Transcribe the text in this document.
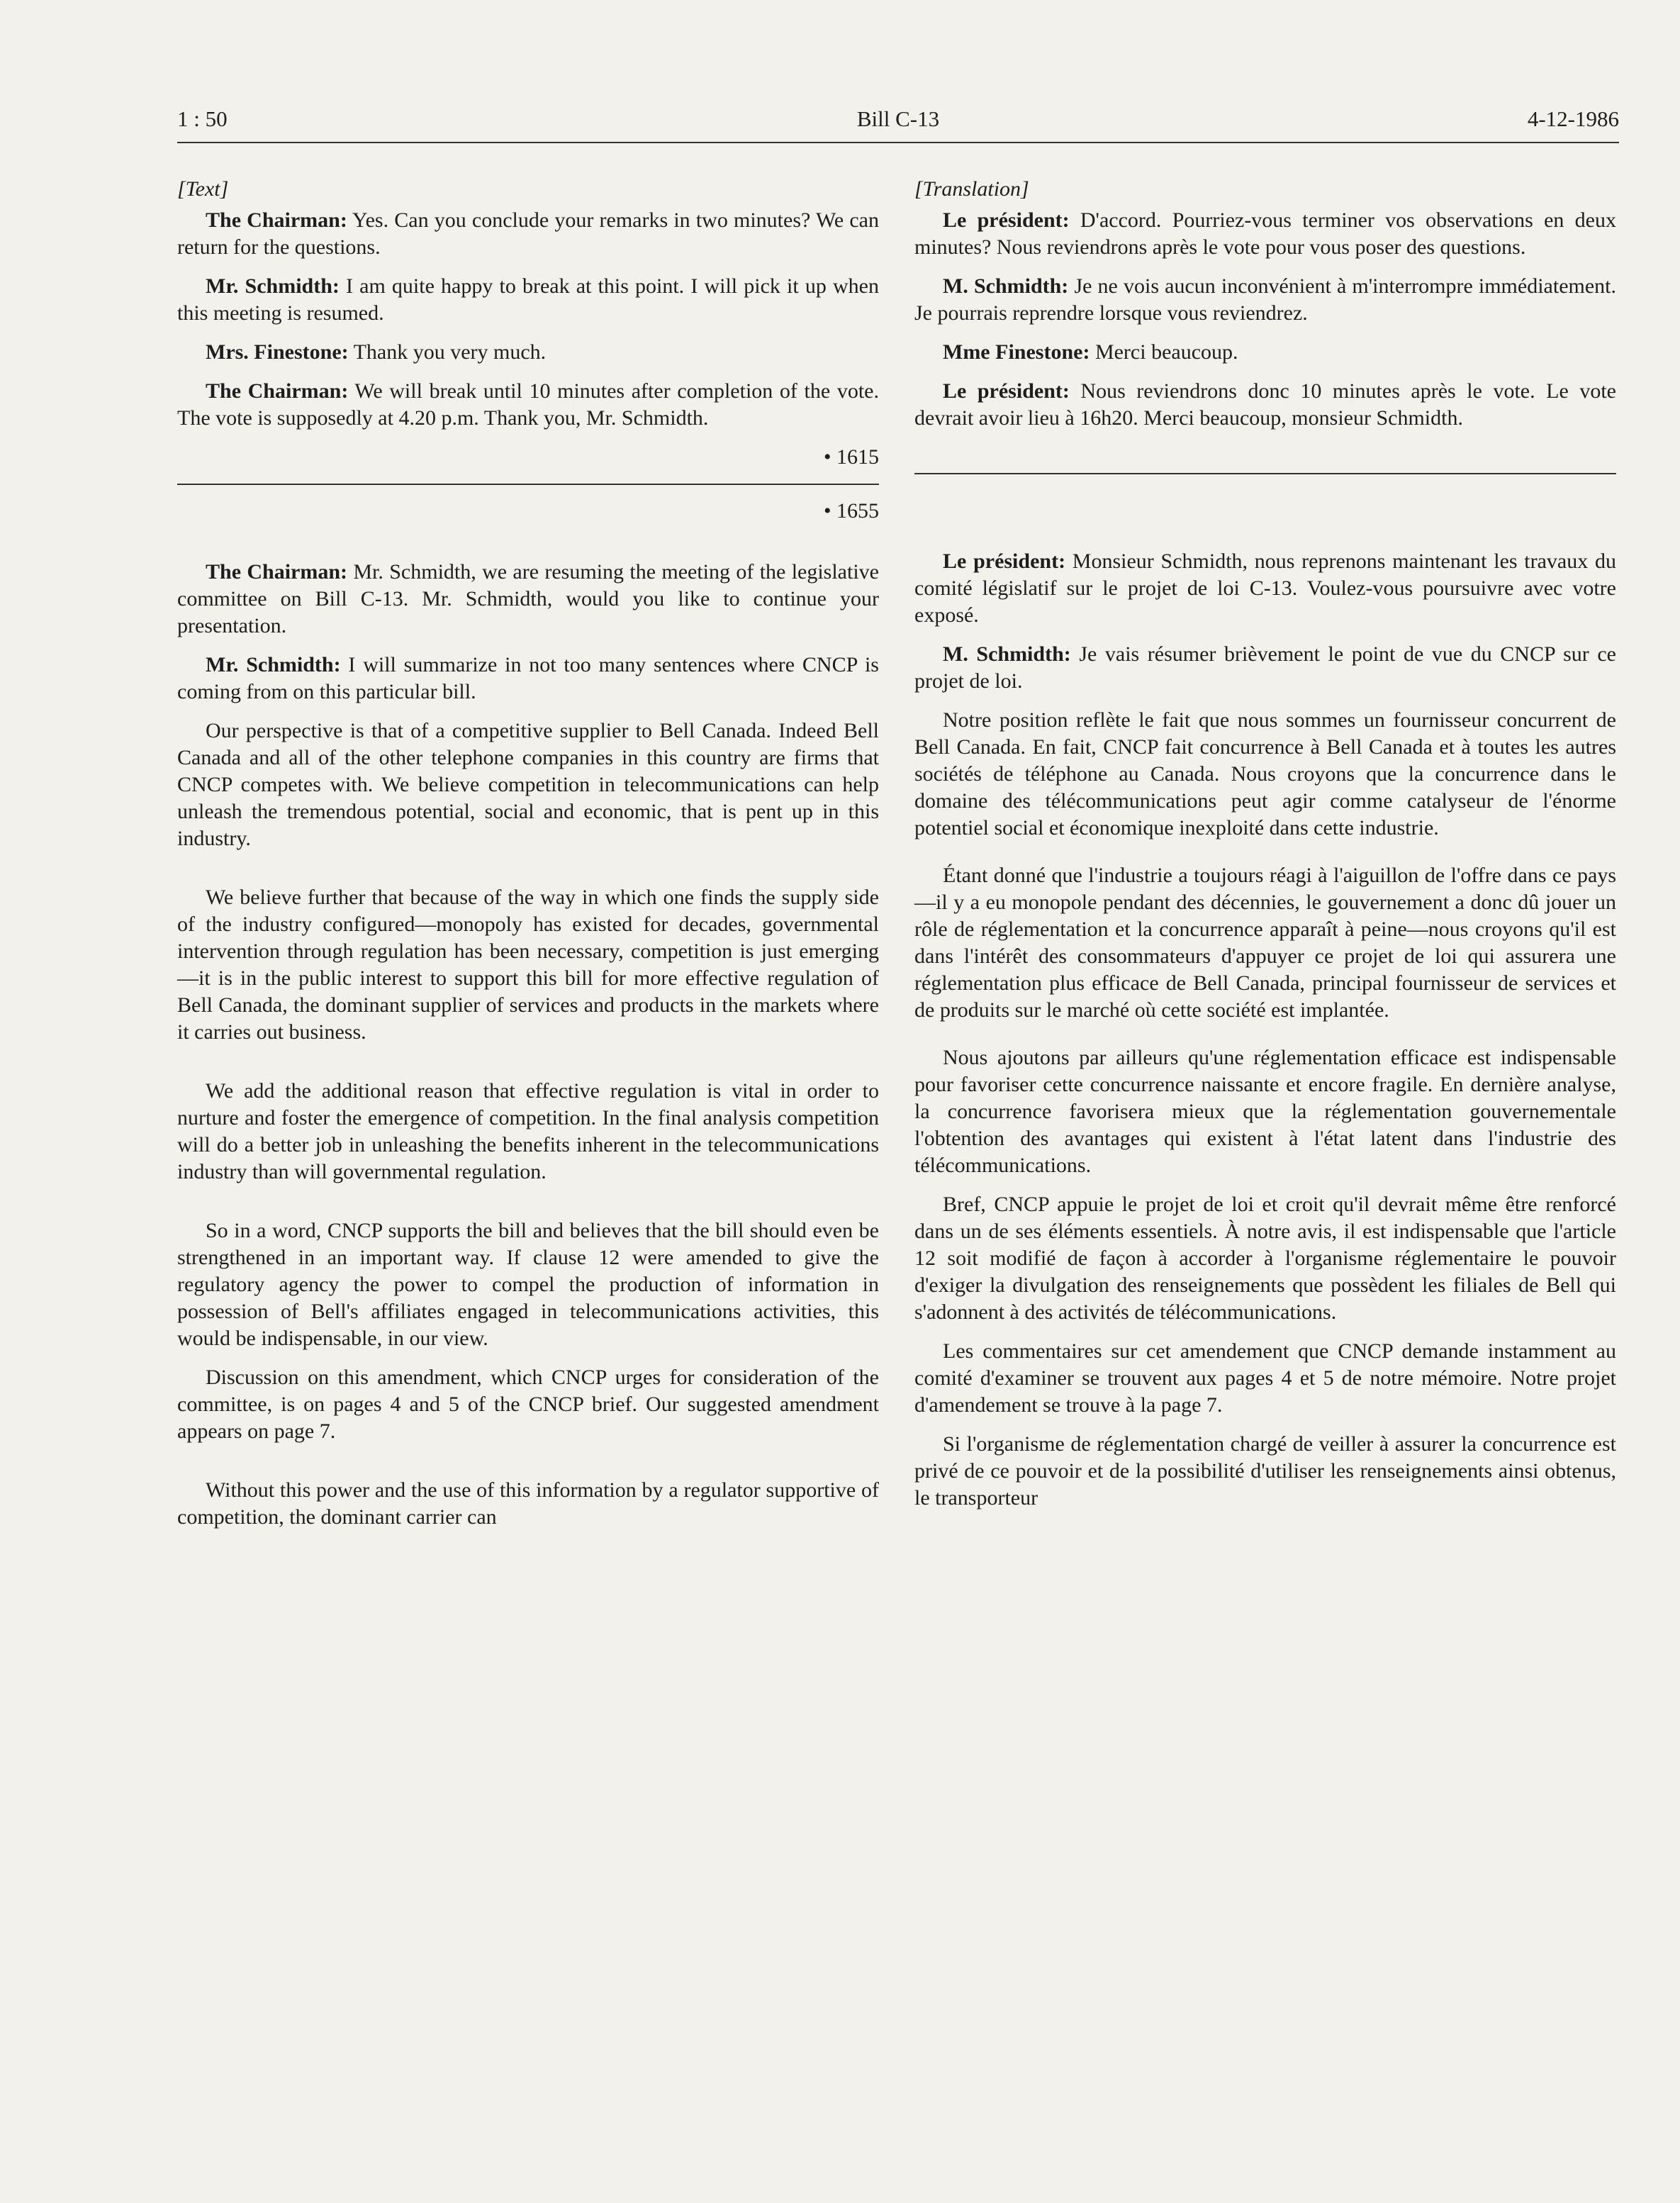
1 : 50	Bill C-13	4-12-1986

[Text]

The Chairman: Yes. Can you conclude your remarks in two minutes? We can return for the questions.

Mr. Schmidth: I am quite happy to break at this point. I will pick it up when this meeting is resumed.

Mrs. Finestone: Thank you very much.

The Chairman: We will break until 10 minutes after completion of the vote. The vote is supposedly at 4.20 p.m. Thank you, Mr. Schmidth.

• 1615
• 1655

The Chairman: Mr. Schmidth, we are resuming the meeting of the legislative committee on Bill C-13. Mr. Schmidth, would you like to continue your presentation.

Mr. Schmidth: I will summarize in not too many sentences where CNCP is coming from on this particular bill.

Our perspective is that of a competitive supplier to Bell Canada. Indeed Bell Canada and all of the other telephone companies in this country are firms that CNCP competes with. We believe competition in telecommunications can help unleash the tremendous potential, social and economic, that is pent up in this industry.

We believe further that because of the way in which one finds the supply side of the industry configured—monopoly has existed for decades, governmental intervention through regulation has been necessary, competition is just emerging—it is in the public interest to support this bill for more effective regulation of Bell Canada, the dominant supplier of services and products in the markets where it carries out business.

We add the additional reason that effective regulation is vital in order to nurture and foster the emergence of competition. In the final analysis competition will do a better job in unleashing the benefits inherent in the telecommunications industry than will governmental regulation.

So in a word, CNCP supports the bill and believes that the bill should even be strengthened in an important way. If clause 12 were amended to give the regulatory agency the power to compel the production of information in possession of Bell's affiliates engaged in telecommunications activities, this would be indispensable, in our view.

Discussion on this amendment, which CNCP urges for consideration of the committee, is on pages 4 and 5 of the CNCP brief. Our suggested amendment appears on page 7.

Without this power and the use of this information by a regulator supportive of competition, the dominant carrier can

[Translation]

Le président: D'accord. Pourriez-vous terminer vos observations en deux minutes? Nous reviendrons après le vote pour vous poser des questions.

M. Schmidth: Je ne vois aucun inconvénient à m'interrompre immédiatement. Je pourrais reprendre lorsque vous reviendrez.

Mme Finestone: Merci beaucoup.

Le président: Nous reviendrons donc 10 minutes après le vote. Le vote devrait avoir lieu à 16h20. Merci beaucoup, monsieur Schmidth.

Le président: Monsieur Schmidth, nous reprenons maintenant les travaux du comité législatif sur le projet de loi C-13. Voulez-vous poursuivre avec votre exposé.

M. Schmidth: Je vais résumer brièvement le point de vue du CNCP sur ce projet de loi.

Notre position reflète le fait que nous sommes un fournisseur concurrent de Bell Canada. En fait, CNCP fait concurrence à Bell Canada et à toutes les autres sociétés de téléphone au Canada. Nous croyons que la concurrence dans le domaine des télécommunications peut agir comme catalyseur de l'énorme potentiel social et économique inexploité dans cette industrie.

Étant donné que l'industrie a toujours réagi à l'aiguillon de l'offre dans ce pays—il y a eu monopole pendant des décennies, le gouvernement a donc dû jouer un rôle de réglementation et la concurrence apparaît à peine—nous croyons qu'il est dans l'intérêt des consommateurs d'appuyer ce projet de loi qui assurera une réglementation plus efficace de Bell Canada, principal fournisseur de services et de produits sur le marché où cette société est implantée.

Nous ajoutons par ailleurs qu'une réglementation efficace est indispensable pour favoriser cette concurrence naissante et encore fragile. En dernière analyse, la concurrence favorisera mieux que la réglementation gouvernementale l'obtention des avantages qui existent à l'état latent dans l'industrie des télécommunications.

Bref, CNCP appuie le projet de loi et croit qu'il devrait même être renforcé dans un de ses éléments essentiels. À notre avis, il est indispensable que l'article 12 soit modifié de façon à accorder à l'organisme réglementaire le pouvoir d'exiger la divulgation des renseignements que possèdent les filiales de Bell qui s'adonnent à des activités de télécommunications.

Les commentaires sur cet amendement que CNCP demande instamment au comité d'examiner se trouvent aux pages 4 et 5 de notre mémoire. Notre projet d'amendement se trouve à la page 7.

Si l'organisme de réglementation chargé de veiller à assurer la concurrence est privé de ce pouvoir et de la possibilité d'utiliser les renseignements ainsi obtenus, le transporteur
